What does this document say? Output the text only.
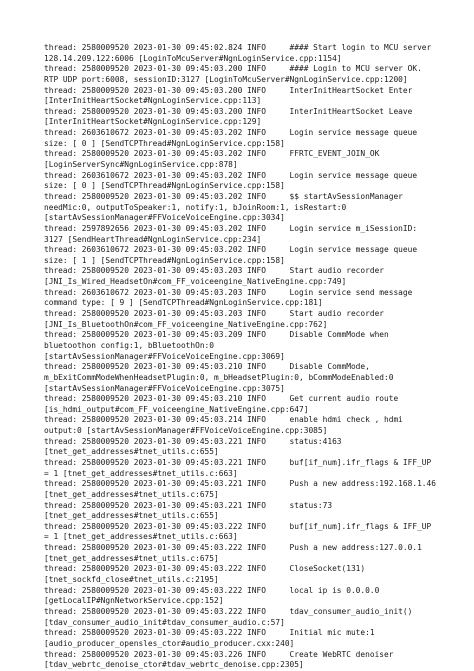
thread: 2580009520 2023-01-30 09:45:02.824 INFO     #### Start login to MCU server
128.14.209.122:6006 [LoginToMcuServer#NgnLoginService.cpp:1154]
thread: 2580009520 2023-01-30 09:45:03.200 INFO     #### Login to MCU server OK.
RTP UDP port:6008, sessionID:3127 [LoginToMcuServer#NgnLoginService.cpp:1200]
thread: 2580009520 2023-01-30 09:45:03.200 INFO     InterInitHeartSocket Enter
[InterInitHeartSocket#NgnLoginService.cpp:113]
thread: 2580009520 2023-01-30 09:45:03.200 INFO     InterInitHeartSocket Leave
[InterInitHeartSocket#NgnLoginService.cpp:129]
thread: 2603610672 2023-01-30 09:45:03.202 INFO     Login service message queue
size: [ 0 ] [SendTCPThread#NgnLoginService.cpp:158]
thread: 2580009520 2023-01-30 09:45:03.202 INFO     FFRTC_EVENT_JOIN_OK
[LoginServerSync#NgnLoginService.cpp:878]
thread: 2603610672 2023-01-30 09:45:03.202 INFO     Login service message queue
size: [ 0 ] [SendTCPThread#NgnLoginService.cpp:158]
thread: 2580009520 2023-01-30 09:45:03.202 INFO     $$ startAvSessionManager
needMic:0, outputToSpeaker:1, notify:1, bJoinRoom:1, isRestart:0
[startAvSessionManager#FFVoiceVoiceEngine.cpp:3034]
thread: 2597892656 2023-01-30 09:45:03.202 INFO     Login service m_iSessionID:
3127 [SendHeartThread#NgnLoginService.cpp:234]
thread: 2603610672 2023-01-30 09:45:03.202 INFO     Login service message queue
size: [ 1 ] [SendTCPThread#NgnLoginService.cpp:158]
thread: 2580009520 2023-01-30 09:45:03.203 INFO     Start audio recorder
[JNI_Is_Wired_HeadsetOn#com_FF_voiceengine_NativeEngine.cpp:749]
thread: 2603610672 2023-01-30 09:45:03.203 INFO     Login service send message
command type: [ 9 ] [SendTCPThread#NgnLoginService.cpp:181]
thread: 2580009520 2023-01-30 09:45:03.203 INFO     Start audio recorder
[JNI_Is_BluetoothOn#com_FF_voiceengine_NativeEngine.cpp:762]
thread: 2580009520 2023-01-30 09:45:03.209 INFO     Disable CommMode when
bluetoothon config:1, bBluetoothOn:0
[startAvSessionManager#FFVoiceVoiceEngine.cpp:3069]
thread: 2580009520 2023-01-30 09:45:03.210 INFO     Disable CommMode,
m_bExitCommModeWhenHeadsetPlugin:0, m_bHeadsetPlugin:0, bCommModeEnabled:0
[startAvSessionManager#FFVoiceVoiceEngine.cpp:3075]
thread: 2580009520 2023-01-30 09:45:03.210 INFO     Get current audio route
[is_hdmi_output#com_FF_voiceengine_NativeEngine.cpp:647]
thread: 2580009520 2023-01-30 09:45:03.214 INFO     enable hdmi check , hdmi
output:0 [startAvSessionManager#FFVoiceVoiceEngine.cpp:3085]
thread: 2580009520 2023-01-30 09:45:03.221 INFO     status:4163
[tnet_get_addresses#tnet_utils.c:655]
thread: 2580009520 2023-01-30 09:45:03.221 INFO     buf[if_num].ifr_flags & IFF_UP
= 1 [tnet_get_addresses#tnet_utils.c:663]
thread: 2580009520 2023-01-30 09:45:03.221 INFO     Push a new address:192.168.1.46
[tnet_get_addresses#tnet_utils.c:675]
thread: 2580009520 2023-01-30 09:45:03.221 INFO     status:73
[tnet_get_addresses#tnet_utils.c:655]
thread: 2580009520 2023-01-30 09:45:03.222 INFO     buf[if_num].ifr_flags & IFF_UP
= 1 [tnet_get_addresses#tnet_utils.c:663]
thread: 2580009520 2023-01-30 09:45:03.222 INFO     Push a new address:127.0.0.1
[tnet_get_addresses#tnet_utils.c:675]
thread: 2580009520 2023-01-30 09:45:03.222 INFO     CloseSocket(131)
[tnet_sockfd_close#tnet_utils.c:2195]
thread: 2580009520 2023-01-30 09:45:03.222 INFO     local ip is 0.0.0.0
[getLocalIP#NgnNetworkService.cpp:152]
thread: 2580009520 2023-01-30 09:45:03.222 INFO     tdav_consumer_audio_init()
[tdav_consumer_audio_init#tdav_consumer_audio.c:57]
thread: 2580009520 2023-01-30 09:45:03.222 INFO     Initial mic mute:1
[audio_producer_opensles_ctor#audio_producer.cxx:240]
thread: 2580009520 2023-01-30 09:45:03.226 INFO     Create WebRTC denoiser
[tdav_webrtc_denoise_ctor#tdav_webrtc_denoise.cpp:2305]
